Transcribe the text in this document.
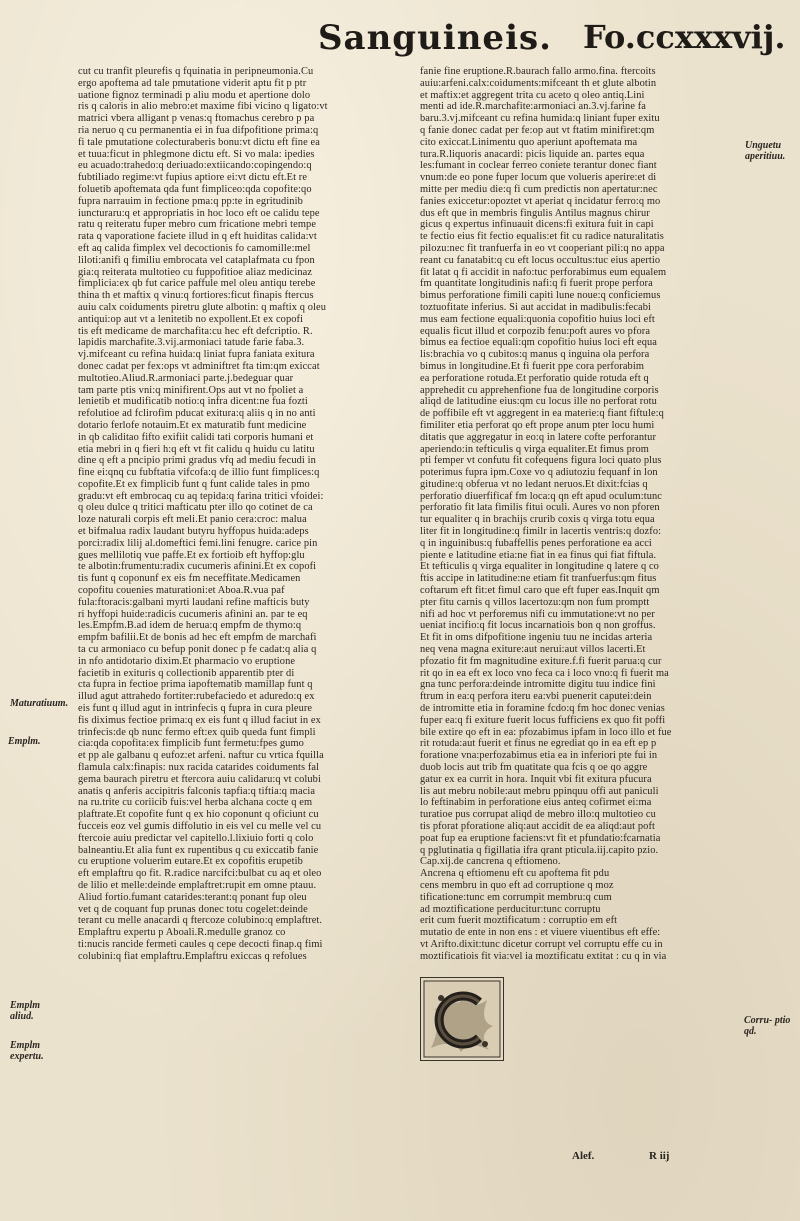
Sanguineis. Fo.ccxxxvij.
cut cu tranfit pleurefis q fquinatia in peripneumonia.Cu
ergo apoftema ad tale pmutatione viderit aptu fit p ptr
uatione fignoz terminadi p aliu modu et apertione dolo
ris q caloris in alio mebro:et maxime fibi vicino q ligato:vt
matrici vbera alligant p venas:q ftomachus cerebro p pa
ria neruo q cu permanentia ei in fua difpofitione prima:q
fi tale pmutatione colecturaberis bonu:vt dictu eft fine ea
et tuua:ficut in phlegmone dictu eft. Si vo mala: ipedies
eu acuado:trahedo:q deriuado:extiicando:copingendo:q
fubtiliado regime:vt fupius aptiore ei:vt dictu eft.Et re
foluetib apoftemata qda funt fimpliceo:qda copofite:qo
fupra narrauim in fectione pma:q pp:te in egritudinib
iuncturaru:q et appropriatis in hoc loco eft oe calidu tepe
ratu q reiteratu fuper mebro cum fricatione mebri tempe
rata q vaporatione faciete illud in q eft huiditas calida:vt
eft aq calida fimplex vel decoctionis fo camomille:mel
liloti:anifi q fimiliu embrocata vel cataplafmata cu fpon
gia:q reiterata multotieo cu fuppofitioe aliaz medicinaz
fimplicia:ex qb fut carice paffule mel oleu antiqu terebe
thina th et maftix q vinu:q fortiores:ficut finapis ftercus
auiu calx coiduments piretru glute albotin: q maftix q oleu
antiqui:op aut vt a lenitetib no expollent.Et ex copofi
tis eft medicame de marchafita:cu hec eft defcriptio. R.
lapidis marchafite.3.vij.armoniaci tatude farie faba.3.
vj.mifceant cu refina huida:q liniat fupra faniata exitura
donec cadat per fex:ops vt adminiftret fta tim:qm exiccat
multotieo.Aliud.R.armoniaci parte.j.bedeguar quar
tam parte ptis vni:q minifirent.Ops aut vt no fpoliet a
lenietib et mudificatib notio:q infra dicent:ne fua fozti
refolutioe ad fclirofim pducat exitura:q aliis q in no anti
dotario ferlofe notauim.Et ex maturatib funt medicine
in qb caliditao fifto exifiit calidi tati corporis humani et
etia mebri in q fieri h:q eft vt fit calidu q huidu cu latitu
dine q eft a pncipio primi gradus vfq ad mediu fecudi in
fine ei:qnq cu fubftatia vifcofa:q de illio funt fimplices:q
copofite.Et ex fimplicib funt q funt calide tales in pmo
gradu:vt eft embrocaq cu aq tepida:q farina tritici vfoidei:
q oleu dulce q tritici mafticatu pter illo qo cotinet de ca
loze naturali corpis eft meli.Et panio cera:croc: malua
et bifmalua radix laudant butyru hyffopus huida:adeps
porci:radix lilij al.domeftici femi.lini fenugre. carice pin
gues mellilotiq vue paffe.Et ex fortioib eft hyffop:glu
te albotin:frumentu:radix cucumeris afinini.Et ex copofi
tis funt q coponunf ex eis fm neceffitate.Medicamen
copofitu couenies maturationi:et Aboa.R.vua paf
fula:ftoracis:galbani myrti laudani refine mafticis buty
ri hyffopi huide:radicis cucumeris afinini an. par te eq
les.Empfm.B.ad idem de herua:q empfm de thymo:q
empfm bafilii.Et de bonis ad hec eft empfm de marchafi
ta cu armoniaco cu befup ponit donec p fe cadat:q alia q
in nfo antidotario dixim.Et pharmacio vo eruptione
facietib in exituris q collectionib apparentib pter di
cta fupra in fectioe prima iapoftematib mamillap funt q
illud agut attrahedo fortiter:rubefaciedo et aduredo:q ex
eis funt q illud agut in intrinfecis q fupra in cura pleure
fis diximus fectioe prima:q ex eis funt q illud faciut in ex
trinfecis:de qb nunc fermo eft:ex quib queda funt fimpli
cia:qda copofita:ex fimplicib funt fermetu:fpes gumo
et pp ale galbanu q eufoz:et arfeni. naftur cu vrtica fquilla
flamula calx:finapis: nux racida catarides coiduments fal
gema baurach piretru et ftercora auiu calidaru:q vt colubi
anatis q anferis accipitris falconis tapfia:q tiftia:q macia
na ru.trite cu coriicib fuis:vel herba alchana cocte q em
plaftrate.Et copofite funt q ex hio coponunt q oficiunt cu
fucceis eoz vel gumis diffolutio in eis vel cu melle vel cu
ftercoie auiu predictar vel capitello.l.lixiuio forti q colo
balneantiu.Et alia funt ex rupentibus q cu exiccatib fanie
cu eruptione voluerim eutare.Et ex copofitis erupetib
eft emplaftru qo fit. R.radice narcifci:bulbat cu aq et oleo
de lilio et melle:deinde emplaftret:rupit em omne ptauu.
Aliud fortio.fumant catarides:terant:q ponant fup oleu
vet q de coquant fup prunas donec totu cogelet:deinde
terant cu melle anacardi q ftercoze colubino:q emplaftret.
Emplaftru expertu p Aboali.R.medulle granoz co
ti:nucis rancide fermeti caules q cepe decocti finap.q fimi
colubini:q fiat emplaftru.Emplaftru exiccas q refolues
fanie fine eruptione.R.baurach fallo armo.fina. ftercoits
auiu:arfeni.calx:coiduments:mifceant th et glute albotin
et maftix:et aggregent trita cu aceto q oleo antiq.Lini
menti ad ide.R.marchafite:armoniaci an.3.vj.farine fa
baru.3.vj.mifceant cu refina humida:q liniant fuper exitu
q fanie donec cadat per fe:op aut vt ftatim minifiret:qm
cito exiccat.Linimentu quo aperiunt apoftemata ma
tura.R.liquoris anacardi: picis liquide an. partes equa
les:fumant in coclear ferreo coniete terantur donec fiant
vnum:de eo pone fuper locum que volueris aperire:et di
mitte per mediu die:q fi cum predictis non apertatur:nec
fanies exiccetur:opoztet vt aperiat q incidatur ferro:q mo
dus eft que in membris fingulis Antilus magnus chirur
gicus q expertus infinuauit dicens:fi exitura fuit in capi
te fectio eius fit fectio equalis:et fit cu radice naturalitatis
pilozu:nec fit tranfuerfa in eo vt cooperiant pili:q no appa
reant cu fanatabit:q cu eft locus occultus:tuc eius apertio
fit latat q fi accidit in nafo:tuc perforabimus eum equalem
fm quantitate longitudinis nafi:q fi fuerit prope perfora
bimus perforatione fimili capiti lune noue:q conficiemus
toztuofitate inferius. Si aut accidat in madibulis:fecabi
mus eam fectione equali:quonia copofitio huius loci eft
equalis ficut illud et corpozib fenu:poft aures vo pfora
bimus ea fectioe equali:qm copofitio huius loci eft equa
lis:brachia vo q cubitos:q manus q inguina ola perfora
bimus in longitudine.Et fi fuerit ppe cora perforabim
ea perforatione rotuda.Et perforatio quide rotuda eft q
apprehedit cu apprehenfione fua de longitudine corporis
aliqd de latitudine eius:qm cu locus ille no perforat rotu
de poffibile eft vt aggregent in ea materie:q fiant fiftule:q
fimiliter etia perforat qo eft prope anum pter locu humi
ditatis que aggregatur in eo:q in latere cofte perforantur
aperiendo:in tefticulis q virga equaliter.Et fimus prom
pti femper vt confutu fit cofequens figura loci quato plus
poterimus fupra ipm.Coxe vo q adiutoziu fequanf in lon
gitudine:q obferua vt no ledant neruos.Et dixit:fcias q
perforatio diuerfificaf fm loca:q qn eft apud oculum:tunc
perforatio fit lata fimilis fitui oculi. Aures vo non pforen
tur equaliter q in brachijs crurib coxis q virga totu equa
liter fit in longitudine:q fimilr in lacertis ventris:q dozfo:
q in inguinibus:q fubaffellis penes perforatione ea acci
piente e latitudine etia:ne fiat in ea finus qui fiat fiftula.
Et tefticulis q virga equaliter in longitudine q latere q co
ftis accipe in latitudine:ne etiam fit tranfuerfus:qm fitus
coftarum eft fit:et fimul caro que eft fuper eas.Inquit qm
pter fitu carnis q villos lacertozu:qm non fum promptt
nifi ad hoc vt perforemus nifi cu immutatione:vt no per
ueniat incifio:q fit locus incarnatiois bon q non groffus.
Et fit in oms difpofitione ingeniu tuu ne incidas arteria
neq vena magna exiture:aut nerui:aut villos lacerti.Et
pfozatio fit fm magnitudine exiture.f.fi fuerit parua:q cur
rit qo in ea eft ex loco vno feca ca i loco vno:q fi fuerit ma
gna tunc perfora:deinde intromitte digitu tuu indice fini
ftrum in ea:q perfora iteru ea:vbi puenerit caputei:dein
de intromitte etia in foramine fcdo:q fm hoc donec venias
fuper ea:q fi exiture fuerit locus fufficiens ex quo fit poffi
bile extire qo eft in ea: pfozabimus ipfam in loco illo et fue
rit rotuda:aut fuerit et finus ne egrediat qo in ea eft ep p
foratione vna:perfozabimus etia ea in inferiori pte fui in
duob locis aut trib fm quatitate qua fcis q oe qo aggre
gatur ex ea currit in hora. Inquit vbi fit exitura pfucura
lis aut mebru nobile:aut mebru ppinquu offi aut paniculi
lo feftinabim in perforatione eius anteq cofirmet ei:ma
turatioe pus corrupat aliqd de mebro illo:q multotieo cu
tis pforat pforatione aliq:aut accidit de ea aliqd:aut poft
poat fup ea eruptione faciens:vt fit et pfundatio:fcarnatia
q pglutinatia q figillatia ifra qrant pticula.iij.capito pzio.
Cap.xij.de cancrena q eftiomeno.
Ancrena q eftiomenu eft cu apoftema fit pdu
cens membru in quo eft ad corruptione q moz
tificatione:tunc em corrumpit membru:q cum
ad moztificatione perducitur:tunc corruptu
erit cum fuerit moztificatum : corruptio em eft
mutatio de ente in non ens : et viuere viuentibus eft effe:
vt Arifto.dixit:tunc dicetur corrupt vel corruptu effe cu in
moztificatiois fit via:vel ia moztificatu extitat : cu q in via
Unguetu aperitiuu.
Maturatiuum.
Emplm.
Emplm aliud.
Emplm expertu.
Corru- ptio qd.
Alef.	R iij
